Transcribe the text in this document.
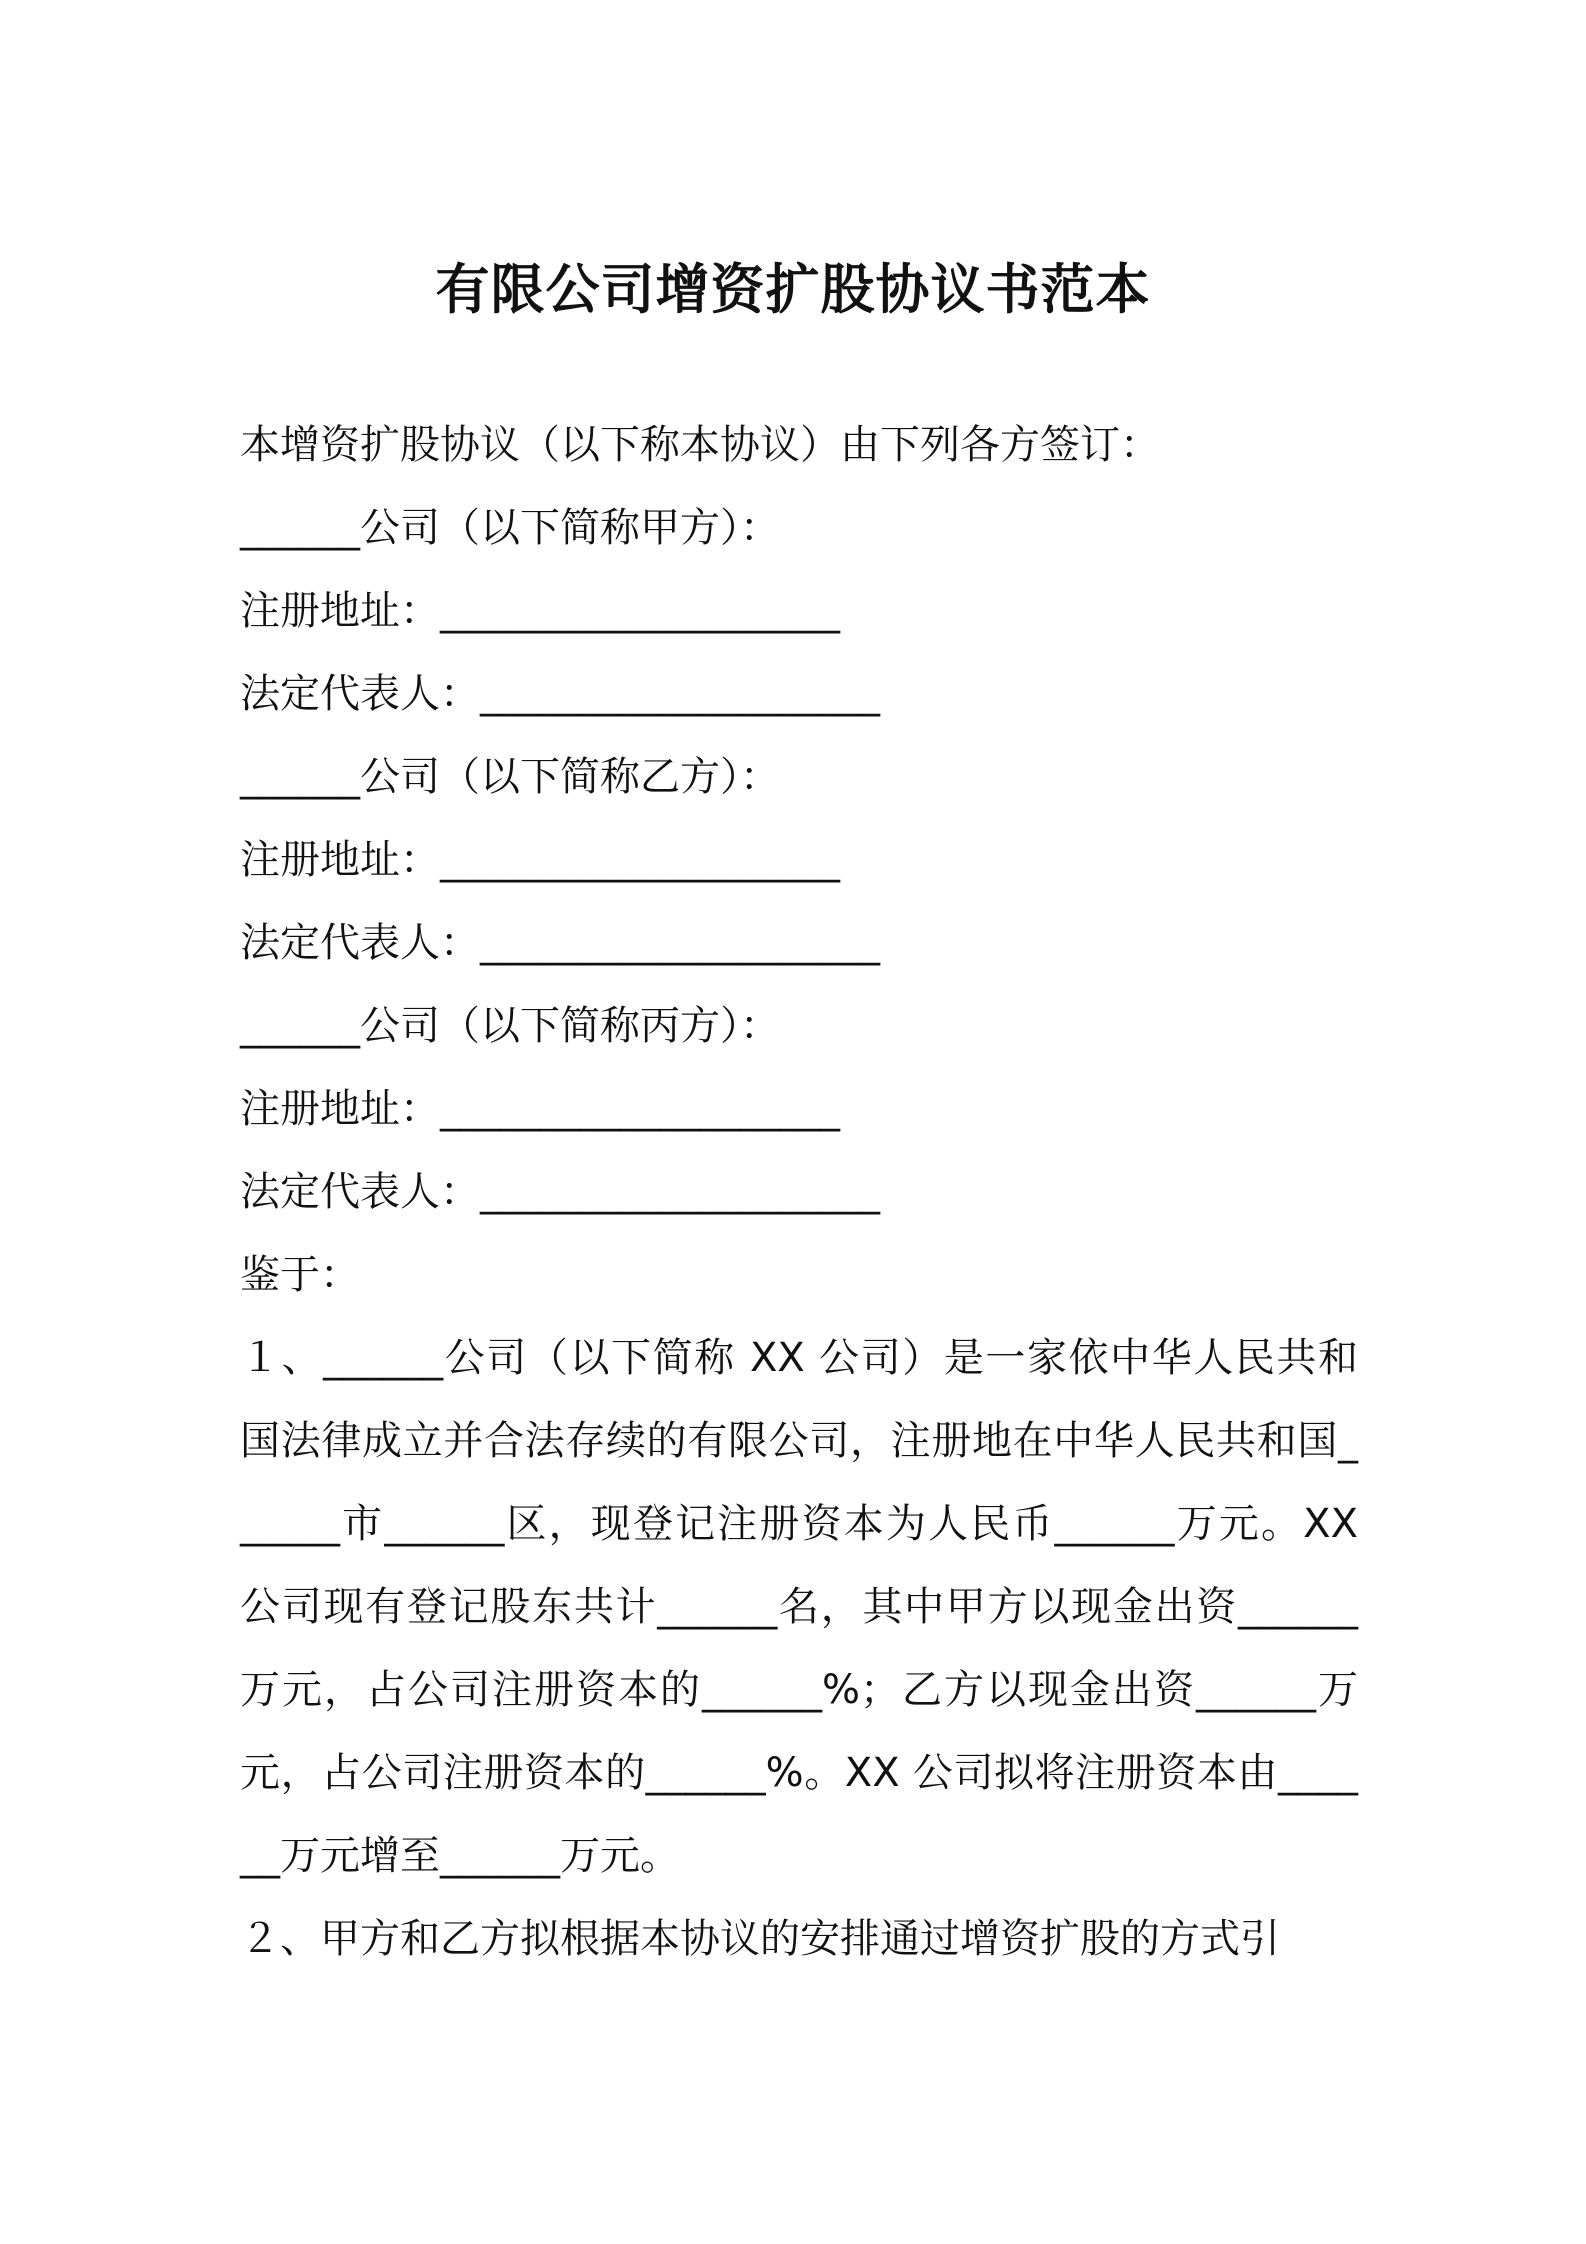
有限公司增资扩股协议书范本

本增资扩股协议（以下称本协议）由下列各方签订：

______公司（以下简称甲方）：

注册地址：____________________

法定代表人：____________________

______公司（以下简称乙方）：

注册地址：____________________

法定代表人：____________________

______公司（以下简称丙方）：

注册地址：____________________

法定代表人：____________________

鉴于：

１、______公司（以下简称 XX 公司）是一家依中华人民共和国法律成立并合法存续的有限公司，注册地在中华人民共和国______市______区，现登记注册资本为人民币______万元。XX 公司现有登记股东共计______名，其中甲方以现金出资______万元，占公司注册资本的______%；乙方以现金出资______万元，占公司注册资本的______%。XX 公司拟将注册资本由______万元增至______万元。

２、甲方和乙方拟根据本协议的安排通过增资扩股的方式引
